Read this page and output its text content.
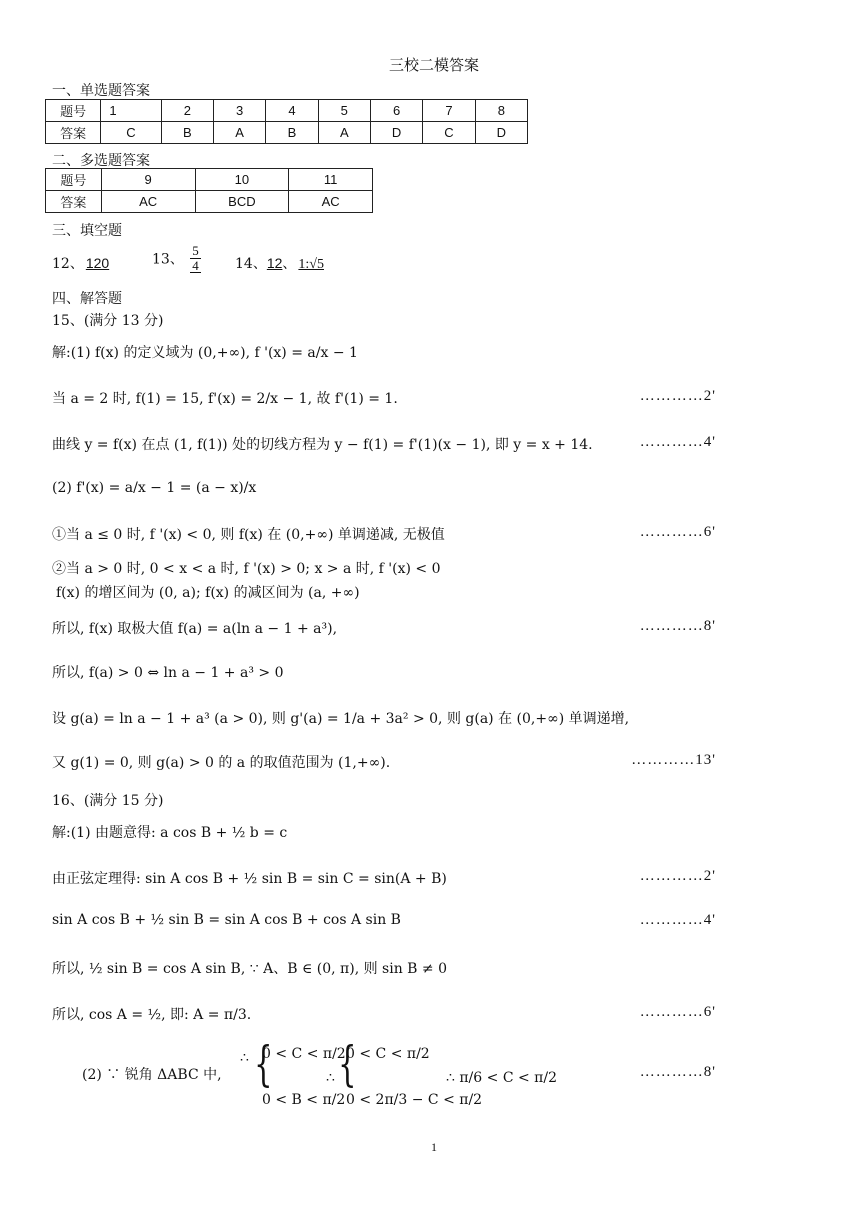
三校二模答案
一、单选题答案
题号	1	2	3	4	5	6	7	8
答案	C	B	A	B	A	D	C	D
二、多选题答案
题号	9	10	11
答案	AC	BCD	AC
三、填空题
12、 120	13、 $\frac{5}{4} 14$、12、 1:√5
四、解答题
15、(满分 13 分)
解:(1) f(x) 的定义域为 (0,+∞), f '(x) = a/x − 1
当 a = 2 时, f(1) = 15, f'(x) = 2/x − 1, 故 f'(1) = 1.	…………2'
曲线 y = f(x) 在点 (1, f(1)) 处的切线方程为 y − f(1) = f'(1)(x − 1), 即 y = x + 14.	…………4'
(2) f'(x) = a/x − 1 = (a − x)/x
①当 a ≤ 0 时, f '(x) < 0, 则 f(x) 在 (0,+∞) 单调递减, 无极值	…………6'
②当 a > 0 时, 0 < x < a 时, f '(x) > 0; x > a 时, f '(x) < 0
f(x) 的增区间为 (0, a); f(x) 的减区间为 (a, +∞)
所以, f(x) 取极大值 f(a) = a(ln a − 1 + a³),	…………8'
所以, f(a) > 0 ⇔ ln a − 1 + a³ > 0
设 g(a) = ln a − 1 + a³ (a > 0), 则 g'(a) = 1/a + 3a² > 0, 则 g(a) 在 (0,+∞) 单调递增,
又 g(1) = 0, 则 g(a) > 0 的 a 的取值范围为 (1,+∞).	…………13'
16、(满分 15 分)
解:(1) 由题意得: a cos B + ½ b = c
由正弦定理得: sin A cos B + ½ sin B = sin C = sin(A + B)	…………2'
sin A cos B + ½ sin B = sin A cos B + cos A sin B	…………4'
所以, ½ sin B = cos A sin B, ∵ A、B ∈ (0, π), 则 sin B ≠ 0
所以, cos A = ½, 即: A = π/3.	…………6'
(2) ∵ 锐角 ΔABC 中,
∴ {
0 < C < π/2
0 < B < π/2
∴ {
0 < C < π/2
0 < 2π/3 − C < π/2
∴ π/6 < C < π/2	…………8'
1
